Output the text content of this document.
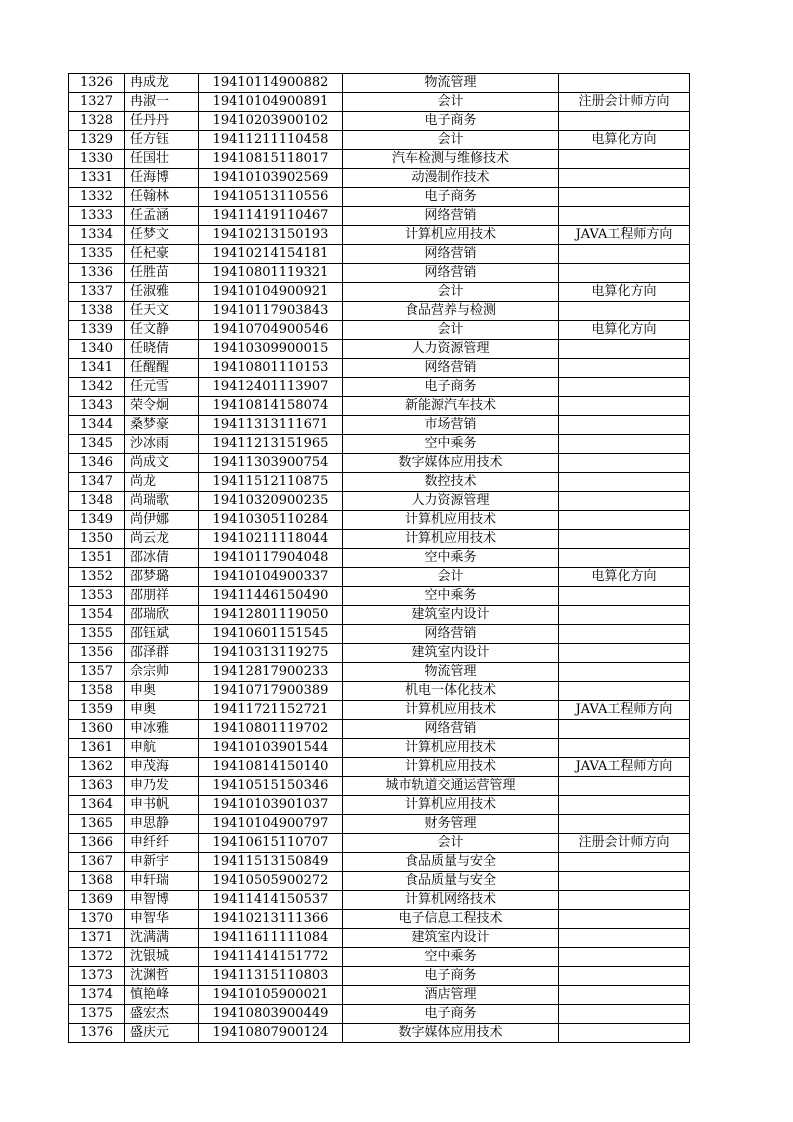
1326	冉成龙	19410114900882	物流管理	
1327	冉淑一	19410104900891	会计	注册会计师方向
1328	任丹丹	19410203900102	电子商务	
1329	任方钰	19411211110458	会计	电算化方向
1330	任国壮	19410815118017	汽车检测与维修技术	
1331	任海博	19410103902569	动漫制作技术	
1332	任翰林	19410513110556	电子商务	
1333	任孟涵	19411419110467	网络营销	
1334	任梦文	19410213150193	计算机应用技术	JAVA工程师方向
1335	任杞豪	19410214154181	网络营销	
1336	任胜苗	19410801119321	网络营销	
1337	任淑雅	19410104900921	会计	电算化方向
1338	任天文	19410117903843	食品营养与检测	
1339	任文静	19410704900546	会计	电算化方向
1340	任晓倩	19410309900015	人力资源管理	
1341	任醒醒	19410801110153	网络营销	
1342	任元雪	19412401113907	电子商务	
1343	荣令炯	19410814158074	新能源汽车技术	
1344	桑梦豪	19411313111671	市场营销	
1345	沙冰雨	19411213151965	空中乘务	
1346	尚成文	19411303900754	数字媒体应用技术	
1347	尚龙	19411512110875	数控技术	
1348	尚瑞歌	19410320900235	人力资源管理	
1349	尚伊娜	19410305110284	计算机应用技术	
1350	尚云龙	19410211118044	计算机应用技术	
1351	邵冰倩	19410117904048	空中乘务	
1352	邵梦璐	19410104900337	会计	电算化方向
1353	邵朋祥	19411446150490	空中乘务	
1354	邵瑞欣	19412801119050	建筑室内设计	
1355	邵钰斌	19410601151545	网络营销	
1356	邵泽群	19410313119275	建筑室内设计	
1357	佘宗帅	19412817900233	物流管理	
1358	申奥	19410717900389	机电一体化技术	
1359	申奥	19411721152721	计算机应用技术	JAVA工程师方向
1360	申冰雅	19410801119702	网络营销	
1361	申航	19410103901544	计算机应用技术	
1362	申茂海	19410814150140	计算机应用技术	JAVA工程师方向
1363	申乃发	19410515150346	城市轨道交通运营管理	
1364	申书帆	19410103901037	计算机应用技术	
1365	申思静	19410104900797	财务管理	
1366	申纤纤	19410615110707	会计	注册会计师方向
1367	申新宇	19411513150849	食品质量与安全	
1368	申轩瑞	19410505900272	食品质量与安全	
1369	申智博	19411414150537	计算机网络技术	
1370	申智华	19410213111366	电子信息工程技术	
1371	沈满满	19411611111084	建筑室内设计	
1372	沈银城	19411414151772	空中乘务	
1373	沈渊哲	19411315110803	电子商务	
1374	慎艳峰	19410105900021	酒店管理	
1375	盛宏杰	19410803900449	电子商务	
1376	盛庆元	19410807900124	数字媒体应用技术	
